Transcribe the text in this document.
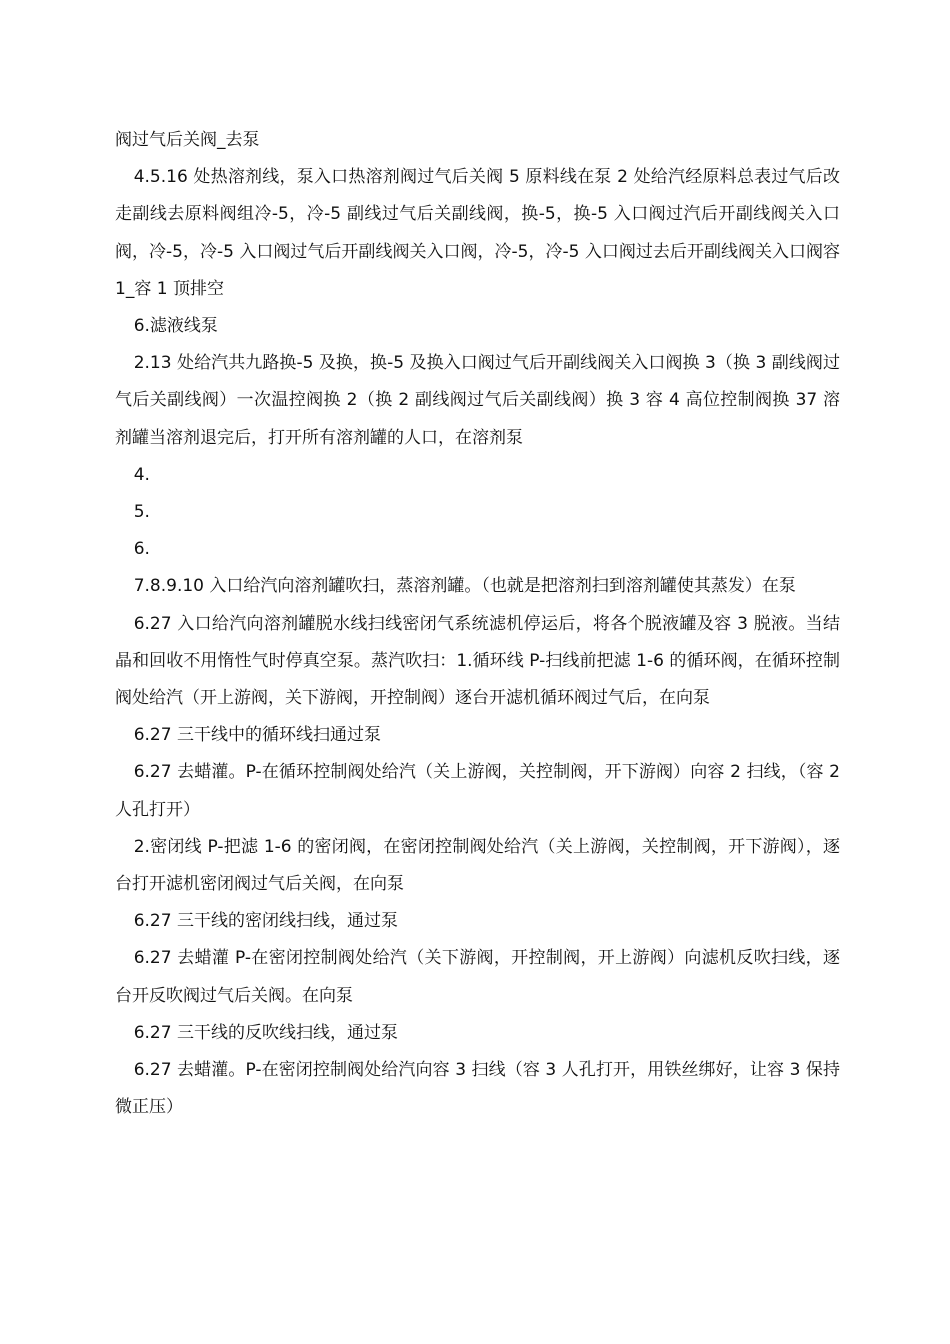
阀过气后关阀_去泵

4.5.16 处热溶剂线，泵入口热溶剂阀过气后关阀 5 原料线在泵 2 处给汽经原料总表过气后改走副线去原料阀组冷-5，冷-5 副线过气后关副线阀，换-5，换-5 入口阀过汽后开副线阀关入口阀，冷-5，冷-5 入口阀过气后开副线阀关入口阀，冷-5，冷-5 入口阀过去后开副线阀关入口阀容 1_容 1 顶排空

6.滤液线泵

2.13 处给汽共九路换-5 及换，换-5 及换入口阀过气后开副线阀关入口阀换 3（换 3 副线阀过气后关副线阀）一次温控阀换 2（换 2 副线阀过气后关副线阀）换 3 容 4 高位控制阀换 37 溶剂罐当溶剂退完后，打开所有溶剂罐的人口，在溶剂泵

4.

5.

6.

7.8.9.10 入口给汽向溶剂罐吹扫，蒸溶剂罐。（也就是把溶剂扫到溶剂罐使其蒸发）在泵

6.27 入口给汽向溶剂罐脱水线扫线密闭气系统滤机停运后，将各个脱液罐及容 3 脱液。当结晶和回收不用惰性气时停真空泵。蒸汽吹扫：1.循环线 P-扫线前把滤 1-6 的循环阀，在循环控制阀处给汽（开上游阀，关下游阀，开控制阀）逐台开滤机循环阀过气后，在向泵

6.27 三干线中的循环线扫通过泵

6.27 去蜡灌。P-在循环控制阀处给汽（关上游阀，关控制阀，开下游阀）向容 2 扫线，（容 2 人孔打开）

2.密闭线 P-把滤 1-6 的密闭阀，在密闭控制阀处给汽（关上游阀，关控制阀，开下游阀），逐台打开滤机密闭阀过气后关阀，在向泵

6.27 三干线的密闭线扫线，通过泵

6.27 去蜡灌 P-在密闭控制阀处给汽（关下游阀，开控制阀，开上游阀）向滤机反吹扫线，逐台开反吹阀过气后关阀。在向泵

6.27 三干线的反吹线扫线，通过泵

6.27 去蜡灌。P-在密闭控制阀处给汽向容 3 扫线（容 3 人孔打开，用铁丝绑好，让容 3 保持微正压）
